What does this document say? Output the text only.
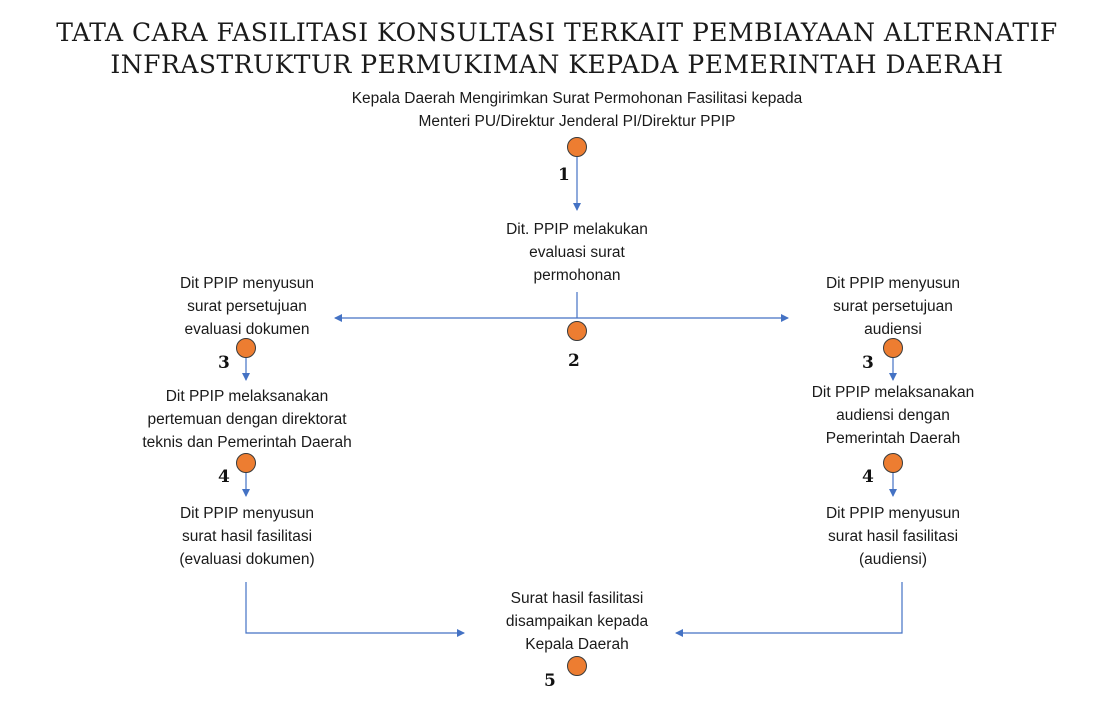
TATA CARA FASILITASI KONSULTASI TERKAIT PEMBIAYAAN ALTERNATIF
INFRASTRUKTUR PERMUKIMAN KEPADA PEMERINTAH DAERAH
Kepala Daerah Mengirimkan Surat Permohonan Fasilitasi kepada
Menteri PU/Direktur Jenderal PI/Direktur PPIP
1
Dit. PPIP melakukan
evaluasi surat
permohonan
2
Dit PPIP menyusun
surat persetujuan
evaluasi dokumen
3
Dit PPIP melaksanakan
pertemuan dengan direktorat
teknis dan Pemerintah Daerah
4
Dit PPIP menyusun
surat hasil fasilitasi
(evaluasi dokumen)
Dit PPIP menyusun
surat persetujuan
audiensi
3
Dit PPIP melaksanakan
audiensi dengan
Pemerintah Daerah
4
Dit PPIP menyusun
surat hasil fasilitasi
(audiensi)
Surat hasil fasilitasi
disampaikan kepada
Kepala Daerah
5
